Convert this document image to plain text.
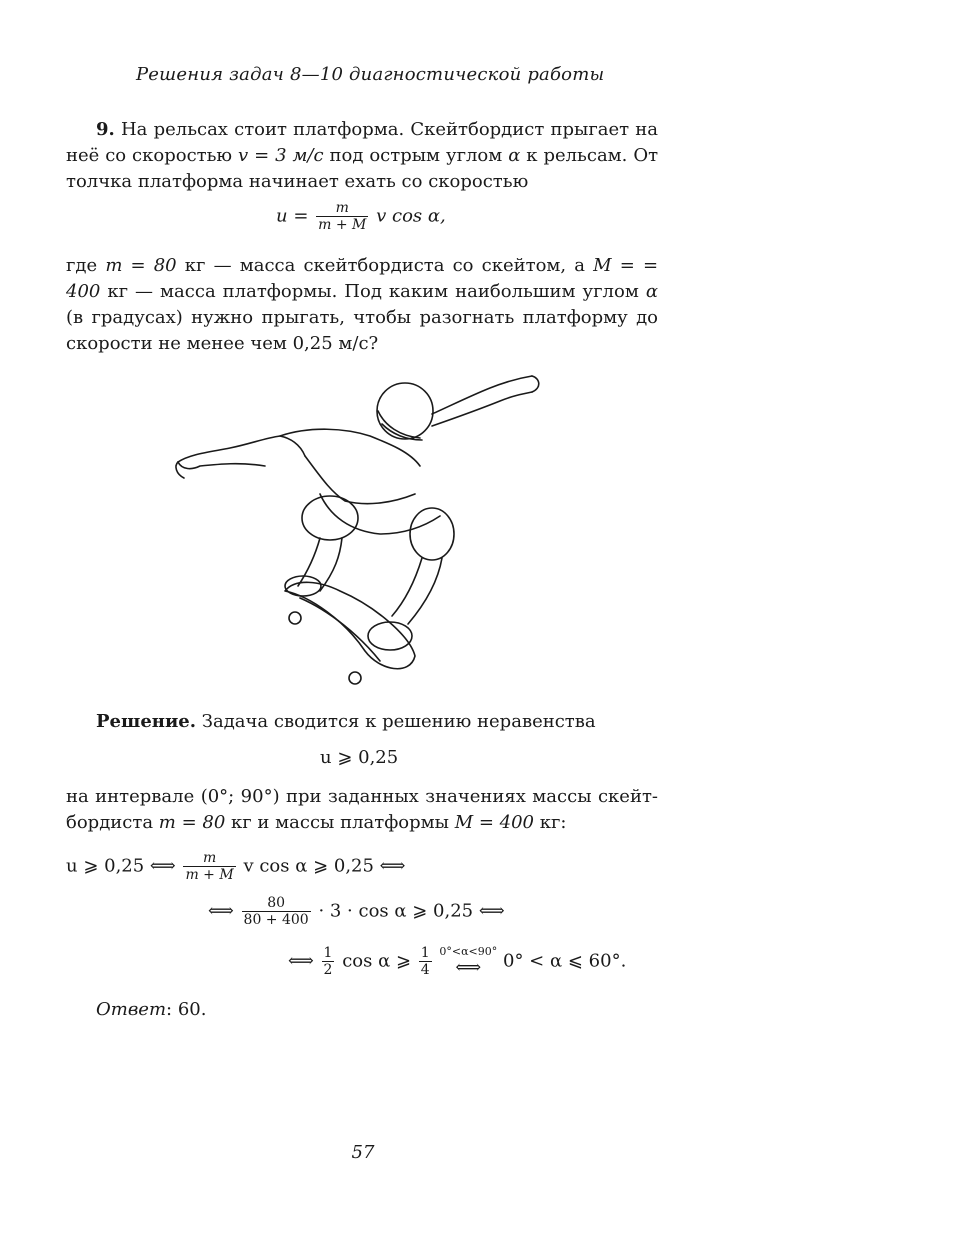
Решения задач 8—10 диагностической работы
9. На рельсах стоит платформа. Скейтбордист прыгает на неё со скоростью v = 3 м/с под острым углом α к рельсам. От толчка платформа начинает ехать со скоростью
$u = \frac{m}{m + M}$ v cos α,
где m = 80 кг — масса скейтбордиста со скейтом, а M = = 400 кг — масса платформы. Под каким наибольшим углом α (в градусах) нужно прыгать, чтобы разогнать платформу до скорости не менее чем 0,25 м/с?
Решение. Задача сводится к решению неравенства
u ⩾ 0,25
на интервале (0°; 90°) при заданных значениях массы скейт- бордиста m = 80 кг и массы платформы M = 400 кг:
u ⩾ 0,25 ⟺ $\frac{m}{m + M}$ v cos α ⩾ 0,25 ⟺
⟺ $\frac{80}{80 + 400} \cdot 3 \cdot \cos \alpha$ ⩾ 0,25 ⟺
⟺ $\frac{1}{2}$ cos α ⩾ $\frac{1}{4}$
0°<α<90°
⟺ 0° < α ⩽ 60°.
Ответ: 60.
57
